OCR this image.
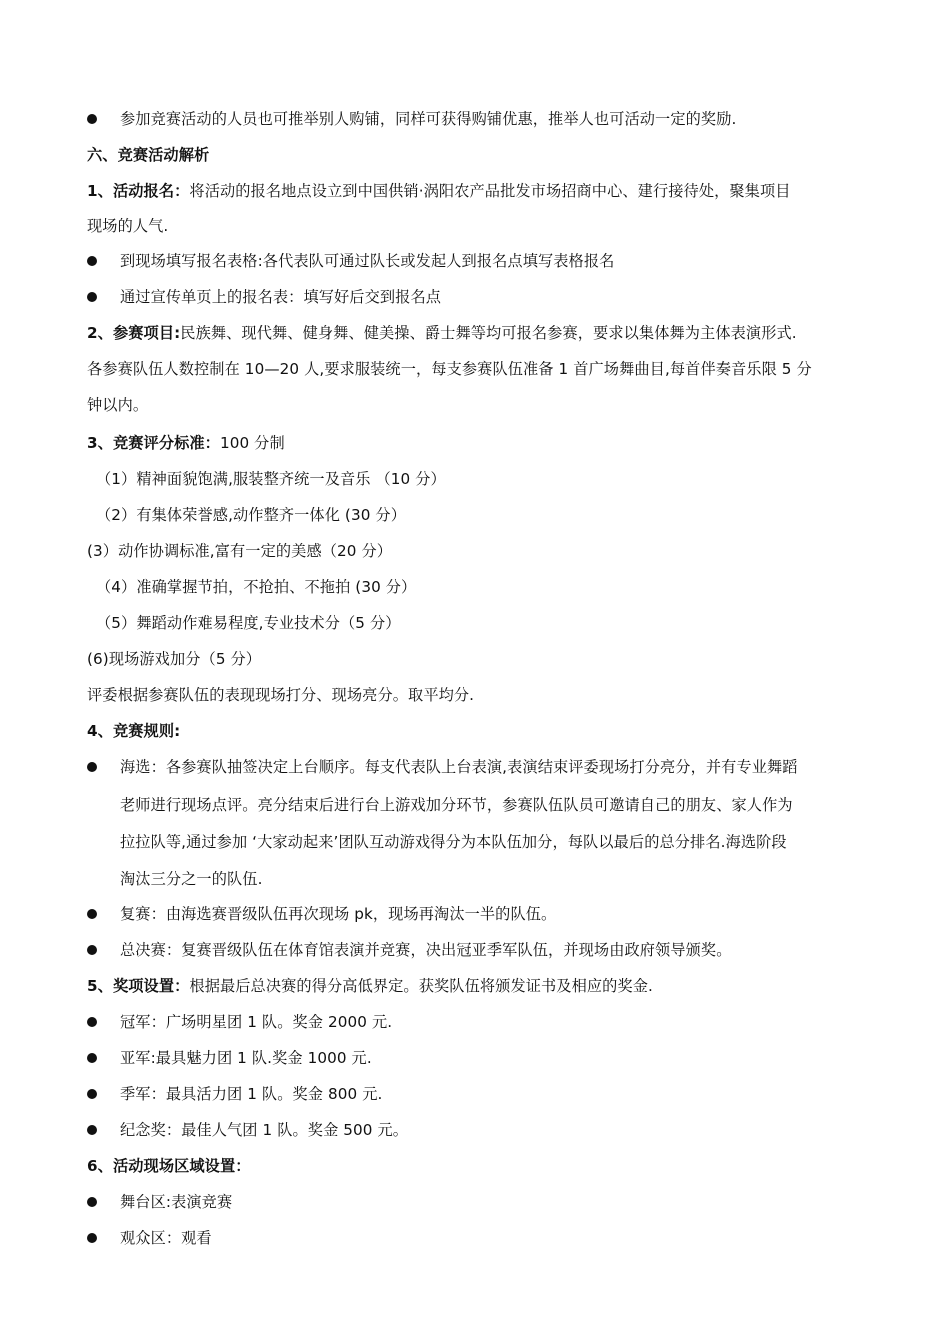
参加竞赛活动的人员也可推举别人购铺，同样可获得购铺优惠，推举人也可活动一定的奖励.
六、竞赛活动解析
1、活动报名：将活动的报名地点设立到中国供销·涡阳农产品批发市场招商中心、建行接待处，聚集项目
现场的人气.
到现场填写报名表格:各代表队可通过队长或发起人到报名点填写表格报名
通过宣传单页上的报名表：填写好后交到报名点
2、参赛项目:民族舞、现代舞、健身舞、健美操、爵士舞等均可报名参赛，要求以集体舞为主体表演形式.
各参赛队伍人数控制在 10—20 人,要求服装统一，每支参赛队伍准备 1 首广场舞曲目,每首伴奏音乐限 5 分
钟以内。
3、竞赛评分标准：100 分制
（1）精神面貌饱满,服装整齐统一及音乐 （10 分）
（2）有集体荣誉感,动作整齐一体化 (30 分）
(3）动作协调标准,富有一定的美感（20 分）
（4）准确掌握节拍，不抢拍、不拖拍 (30 分）
（5）舞蹈动作难易程度,专业技术分（5 分）
(6)现场游戏加分（5 分）
评委根据参赛队伍的表现现场打分、现场亮分。取平均分.
4、竞赛规则:
海选：各参赛队抽签决定上台顺序。每支代表队上台表演,表演结束评委现场打分亮分，并有专业舞蹈
老师进行现场点评。亮分结束后进行台上游戏加分环节，参赛队伍队员可邀请自己的朋友、家人作为
拉拉队等,通过参加 ‘大家动起来’团队互动游戏得分为本队伍加分，每队以最后的总分排名.海选阶段
淘汰三分之一的队伍.
复赛：由海选赛晋级队伍再次现场 pk，现场再淘汰一半的队伍。
总决赛：复赛晋级队伍在体育馆表演并竞赛，决出冠亚季军队伍，并现场由政府领导颁奖。
5、奖项设置：根据最后总决赛的得分高低界定。获奖队伍将颁发证书及相应的奖金.
冠军：广场明星团 1 队。奖金 2000 元.
亚军:最具魅力团 1 队.奖金 1000 元.
季军：最具活力团 1 队。奖金 800 元.
纪念奖：最佳人气团 1 队。奖金 500 元。
6、活动现场区域设置：
舞台区:表演竞赛
观众区：观看
